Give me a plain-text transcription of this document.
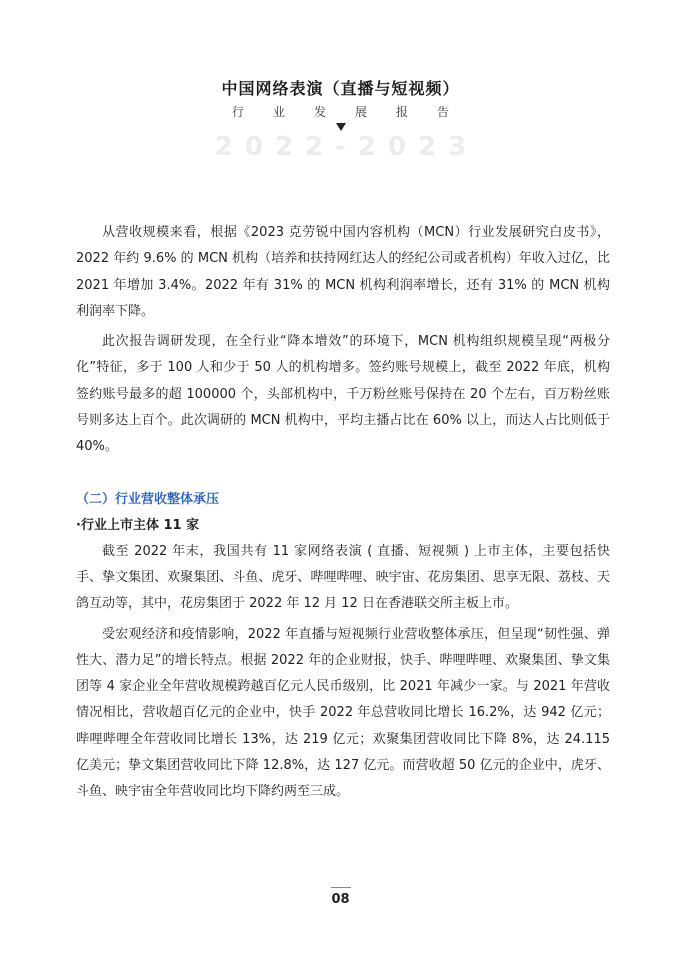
中国网络表演（直播与短视频）
行业发展报告
2022-2023

从营收规模来看，根据《2023 克劳锐中国内容机构（MCN）行业发展研究白皮书》，2022 年约 9.6% 的 MCN 机构（培养和扶持网红达人的经纪公司或者机构）年收入过亿，比 2021 年增加 3.4%。2022 年有 31% 的 MCN 机构利润率增长，还有 31% 的 MCN 机构利润率下降。

此次报告调研发现，在全行业“降本增效”的环境下，MCN 机构组织规模呈现“两极分化”特征，多于 100 人和少于 50 人的机构增多。签约账号规模上，截至 2022 年底，机构签约账号最多的超 100000 个，头部机构中，千万粉丝账号保持在 20 个左右，百万粉丝账号则多达上百个。此次调研的 MCN 机构中，平均主播占比在 60% 以上，而达人占比则低于 40%。

（二）行业营收整体承压

·行业上市主体 11 家

截至 2022 年末，我国共有 11 家网络表演 ( 直播、短视频 ) 上市主体，主要包括快手、挚文集团、欢聚集团、斗鱼、虎牙、哔哩哔哩、映宇宙、花房集团、思享无限、荔枝、天鸽互动等，其中，花房集团于 2022 年 12 月 12 日在香港联交所主板上市。

受宏观经济和疫情影响，2022 年直播与短视频行业营收整体承压，但呈现“韧性强、弹性大、潜力足”的增长特点。根据 2022 年的企业财报，快手、哔哩哔哩、欢聚集团、挚文集团等 4 家企业全年营收规模跨越百亿元人民币级别，比 2021 年减少一家。与 2021 年营收情况相比，营收超百亿元的企业中，快手 2022 年总营收同比增长 16.2%，达 942 亿元；哔哩哔哩全年营收同比增长 13%，达 219 亿元；欢聚集团营收同比下降 8%，达 24.115 亿美元；挚文集团营收同比下降 12.8%，达 127 亿元。而营收超 50 亿元的企业中，虎牙、斗鱼、映宇宙全年营收同比均下降约两至三成。

08
